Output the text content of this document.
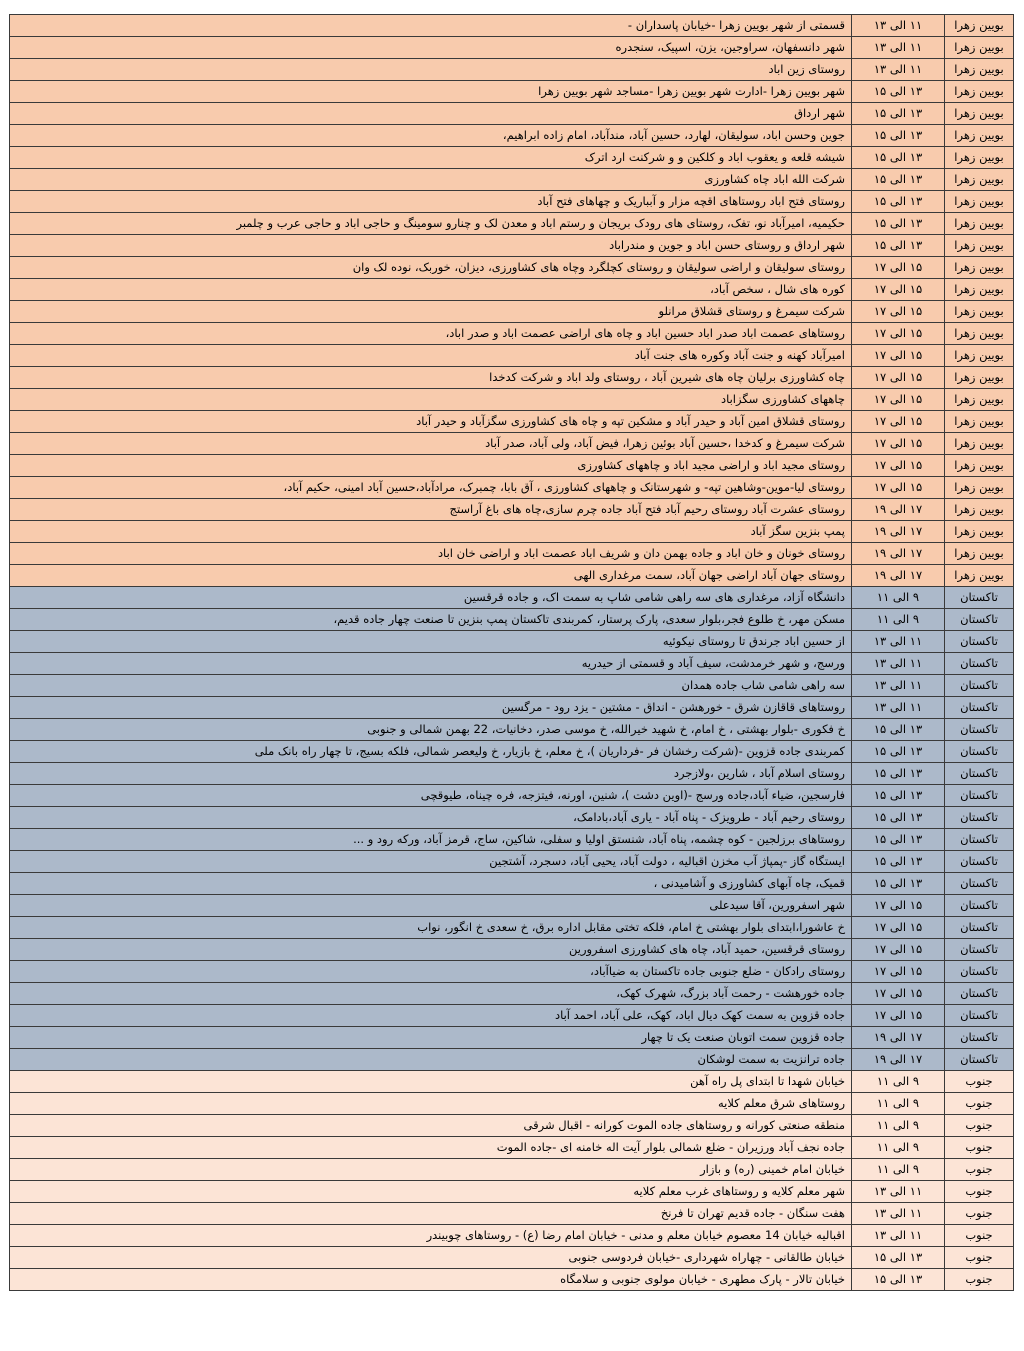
بویین زهرا	۱۱ الی ۱۳	قسمتی از شهر بویین زهرا -خیابان پاسداران -
بویین زهرا	۱۱ الی ۱۳	شهر دانسفهان، سراوجین، یزن، اسپیک، سنجدره
بویین زهرا	۱۱ الی ۱۳	روستای زین اباد
بویین زهرا	۱۳ الی ۱۵	شهر بویین زهرا -ادارت شهر بویین زهرا -مساجد شهر بویین زهرا
بویین زهرا	۱۳ الی ۱۵	شهر ارداق
بویین زهرا	۱۳ الی ۱۵	جوین وحسن اباد، سولیقان، لهارد، حسین آباد، مندآباد، امام زاده ابراهیم،
بویین زهرا	۱۳ الی ۱۵	شیشه قلعه و یعقوب اباد و کلکین و و شرکنت ارد اترک
بویین زهرا	۱۳ الی ۱۵	شرکت الله اباد چاه کشاورزی
بویین زهرا	۱۳ الی ۱۵	روستای فتح اباد روستاهای اقچه مزار و آبباریک و چهاهای فتح آباد
بویین زهرا	۱۳ الی ۱۵	حکیمیه، امیرآباد نو، تفک، روستای های رودک بریجان و رستم اباد و معدن لک و چنارو سومینگ و حاجی اباد و حاجی عرب و چلمبر
بویین زهرا	۱۳ الی ۱۵	شهر ارداق و روستای حسن اباد و جوین و مندراباد
بویین زهرا	۱۵ الی ۱۷	روستای سولیقان و اراضی سولیقان و روستای کچلگرد وچاه های کشاورزی، دیزان، خوربک، نوده لک وان
بویین زهرا	۱۵ الی ۱۷	کوره های شال ، سخص آباد،
بویین زهرا	۱۵ الی ۱۷	شرکت سیمرغ و روستای قشلاق مرانلو
بویین زهرا	۱۵ الی ۱۷	روستاهای عصمت اباد صدر اباد حسین اباد و چاه های اراضی عصمت اباد و صدر اباد،
بویین زهرا	۱۵ الی ۱۷	امیرآباد کهنه و جنت آباد وکوره های جنت آباد
بویین زهرا	۱۵ الی ۱۷	چاه کشاورزی برلیان چاه های شیرین آباد ، روستای ولد اباد و شرکت کدخدا
بویین زهرا	۱۵ الی ۱۷	چاههای کشاورزی سگزاباد
بویین زهرا	۱۵ الی ۱۷	روستای قشلاق امین آباد و حیدر آباد و مشکین تپه و چاه های کشاورزی سگزآباد و حیدر آباد
بویین زهرا	۱۵ الی ۱۷	شرکت سیمرغ و کدخدا ،حسین آباد بوئین زهرا، فیض آباد، ولی آباد، صدر آباد
بویین زهرا	۱۵ الی ۱۷	روستای مجید اباد و اراضی مجید اباد و چاههای کشاورزی
بویین زهرا	۱۵ الی ۱۷	روستای لیا-موین-وشاهین تپه- و شهرستانک و چاههای کشاورزی ، آق بابا، چمبرک، مرادآباد،حسین آباد امینی، حکیم آباد،
بویین زهرا	۱۷ الی ۱۹	روستای عشرت آباد روستای رحیم آباد فتح آباد جاده چرم سازی،چاه های باغ آراستج
بویین زهرا	۱۷ الی ۱۹	پمپ بنزین سگز آباد
بویین زهرا	۱۷ الی ۱۹	روستای خونان و خان اباد و جاده بهمن دان و شریف اباد عصمت اباد و اراضی خان اباد
بویین زهرا	۱۷ الی ۱۹	روستای جهان آباد اراضی جهان آباد، سمت مرغداری الهی
تاکستان	۹ الی ۱۱	دانشگاه آزاد، مرغداری های سه راهی شامی شاپ به سمت اک، و جاده قرقسین
تاکستان	۹ الی ۱۱	مسکن مهر، خ طلوع فجر،بلوار سعدی، پارک پرستار، کمربندی تاکستان پمپ بنزین تا صنعت چهار جاده قدیم،
تاکستان	۱۱ الی ۱۳	از حسین اباد جرندق تا روستای نیکوئیه
تاکستان	۱۱ الی ۱۳	ورسج، و شهر خرمدشت، سیف آباد و قسمتی از حیدریه
تاکستان	۱۱ الی ۱۳	سه راهی شامی شاب جاده همدان
تاکستان	۱۱ الی ۱۳	روستاهای قاقازن شرق - خورهشن - انداق - مشتین - یزد رود - مرگسین
تاکستان	۱۳ الی ۱۵	خ فکوری -بلوار بهشتی ، خ امام، خ شهید خیرالله، خ موسی صدر، دخانیات، 22 بهمن شمالی و جنوبی
تاکستان	۱۳ الی ۱۵	کمربندی جاده قزوین -(شرکت رخشان فر -فرداریان )، خ معلم، خ بازیار، خ ولیعصر شمالی، فلکه بسیج، تا چهار راه بانک ملی
تاکستان	۱۳ الی ۱۵	روستای اسلام آباد ، شارین ،ولازجرد
تاکستان	۱۳ الی ۱۵	فارسجین، ضیاء آباد،جاده ورسج -(اوین دشت )، شنین، اورنه، فیتزجه، فره چیناه، طیوقچی
تاکستان	۱۳ الی ۱۵	روستای رحیم آباد - طرویزک - پناه آباد - یاری آباد،بادامک،
تاکستان	۱۳ الی ۱۵	روستاهای برزلجین - کوه چشمه، پناه آباد، شنستق اولیا و سفلی، شاکین، ساج، قرمز آباد، ورکه رود و ...
تاکستان	۱۳ الی ۱۵	ایستگاه گاز -پمپاژ آب مخزن اقبالیه ، دولت آباد، یحیی آباد، دسجرد، آشتجین
تاکستان	۱۳ الی ۱۵	قمیک، چاه آبهای کشاورزی و آشامیدنی ،
تاکستان	۱۵ الی ۱۷	شهر اسفرورین، آقا سیدعلی
تاکستان	۱۵ الی ۱۷	خ عاشورا،ابتدای بلوار بهشتی خ امام، فلکه تختی مقابل اداره برق، خ سعدی خ انگور، نواب
تاکستان	۱۵ الی ۱۷	روستای قرقسین، حمید آباد، چاه های کشاورزی اسفرورین
تاکستان	۱۵ الی ۱۷	روستای رادکان - ضلع جنوبی جاده تاکستان به ضیاآباد،
تاکستان	۱۵ الی ۱۷	جاده خورهشت - رحمت آباد بزرگ، شهرک کهک،
تاکستان	۱۵ الی ۱۷	جاده قزوین به سمت کهک دیال اباد، کهک، علی آباد، احمد آباد
تاکستان	۱۷ الی ۱۹	جاده قزوین سمت اتوبان صنعت یک تا چهار
تاکستان	۱۷ الی ۱۹	جاده ترانزیت به سمت لوشکان
جنوب	۹ الی ۱۱	خیابان شهدا تا ابتدای پل راه آهن
جنوب	۹ الی ۱۱	روستاهای شرق معلم کلایه
جنوب	۹ الی ۱۱	منطقه صنعتی کورانه و روستاهای جاده الموت کورانه - اقبال شرقی
جنوب	۹ الی ۱۱	جاده نجف آباد ورزیران - ضلع شمالی بلوار آیت اله خامنه ای -جاده الموت
جنوب	۹ الی ۱۱	خیابان امام خمینی (ره) و بازار
جنوب	۱۱ الی ۱۳	شهر معلم کلایه و روستاهای غرب معلم کلایه
جنوب	۱۱ الی ۱۳	هفت سنگان - جاده قدیم تهران تا فرنخ
جنوب	۱۱ الی ۱۳	اقبالیه خیابان 14 معصوم خیابان معلم و مدنی - خیابان امام رضا (ع) - روستاهای چوبیندر
جنوب	۱۳ الی ۱۵	خیابان طالقانی - چهاراه شهرداری -خیابان فردوسی جنوبی
جنوب	۱۳ الی ۱۵	خیابان تالار - پارک مطهری - خیابان مولوی جنوبی و سلامگاه
